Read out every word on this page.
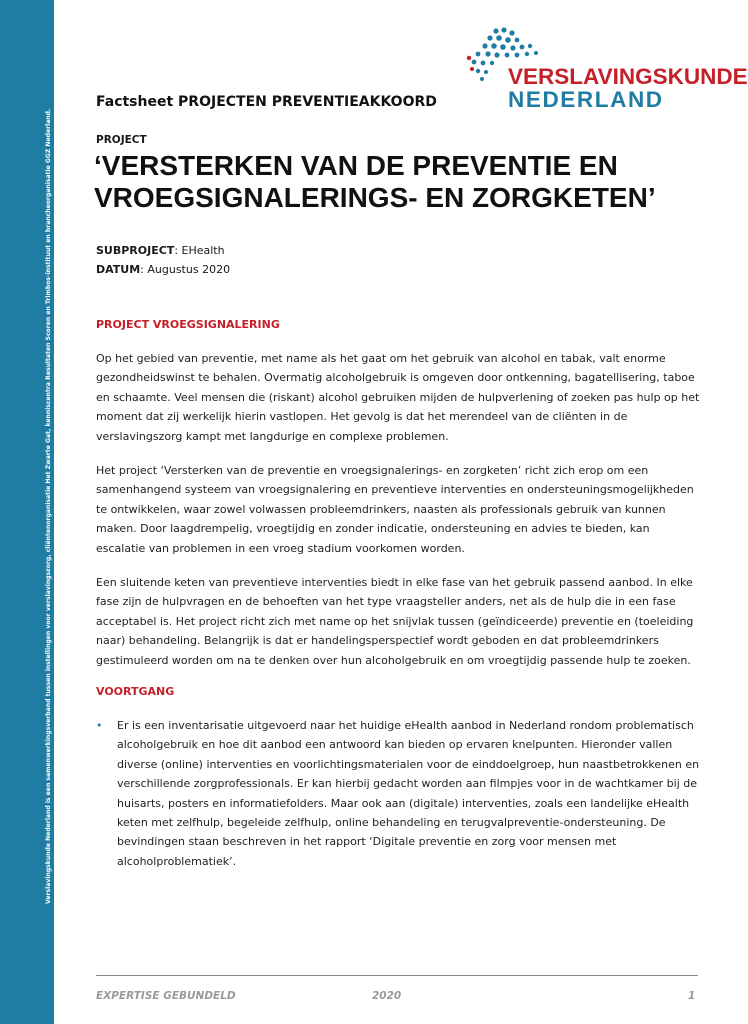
Verslavingskunde Nederland is een samenwerkingsverband tussen instellingen voor verslavingszorg, cliëntenorganisatie Het Zwarte Gat, kenniscentra Resultaten Scoren en Trimbos-instituut en brancheorganisatie GGZ Nederland. Piet Mondriaanplein 25 | 3812 GZ Amersfoort | Postbus 830 | 3800 AV Amersfoort | T 033 460 89 75 | info@verslavingskundenederland.nl | www.verslavingskundenederland.nl
VERSLAVINGSKUNDE
NEDERLAND
Factsheet PROJECTEN PREVENTIEAKKOORD
PROJECT
‘VERSTERKEN VAN DE PREVENTIE EN VROEGSIGNALERINGS- EN ZORGKETEN’
SUBPROJECT: EHealth
DATUM: Augustus 2020
PROJECT VROEGSIGNALERING
Op het gebied van preventie, met name als het gaat om het gebruik van alcohol en tabak, valt enorme gezondheidswinst te behalen. Overmatig alcoholgebruik is omgeven door ontkenning, bagatellisering, taboe en schaamte. Veel mensen die (riskant) alcohol gebruiken mijden de hulpverlening of zoeken pas hulp op het moment dat zij werkelijk hierin vastlopen. Het gevolg is dat het merendeel van de cliënten in de verslavingszorg kampt met langdurige en complexe problemen.
Het project ‘Versterken van de preventie en vroegsignalerings- en zorgketen’ richt zich erop om een samenhangend systeem van vroegsignalering en preventieve interventies en ondersteuningsmogelijkheden te ontwikkelen, waar zowel volwassen probleemdrinkers, naasten als professionals gebruik van kunnen maken. Door laagdrempelig, vroegtijdig en zonder indicatie, ondersteuning en advies te bieden, kan escalatie van problemen in een vroeg stadium voorkomen worden.
Een sluitende keten van preventieve interventies biedt in elke fase van het gebruik passend aanbod. In elke fase zijn de hulpvragen en de behoeften van het type vraagsteller anders, net als de hulp die in een fase acceptabel is. Het project richt zich met name op het snijvlak tussen (geïndiceerde) preventie en (toeleiding naar) behandeling. Belangrijk is dat er handelingsperspectief wordt geboden en dat probleemdrinkers gestimuleerd worden om na te denken over hun alcoholgebruik en om vroegtijdig passende hulp te zoeken.
VOORTGANG
• Er is een inventarisatie uitgevoerd naar het huidige eHealth aanbod in Nederland rondom problematisch alcoholgebruik en hoe dit aanbod een antwoord kan bieden op ervaren knelpunten. Hieronder vallen diverse (online) interventies en voorlichtingsmaterialen voor de einddoelgroep, hun naastbetrokkenen en verschillende zorgprofessionals. Er kan hierbij gedacht worden aan filmpjes voor in de wachtkamer bij de huisarts, posters en informatiefolders. Maar ook aan (digitale) interventies, zoals een landelijke eHealth keten met zelfhulp, begeleide zelfhulp, online behandeling en terugvalpreventie-ondersteuning. De bevindingen staan beschreven in het rapport ‘Digitale preventie en zorg voor mensen met alcoholproblematiek’.
EXPERTISE GEBUNDELD	2020	1
